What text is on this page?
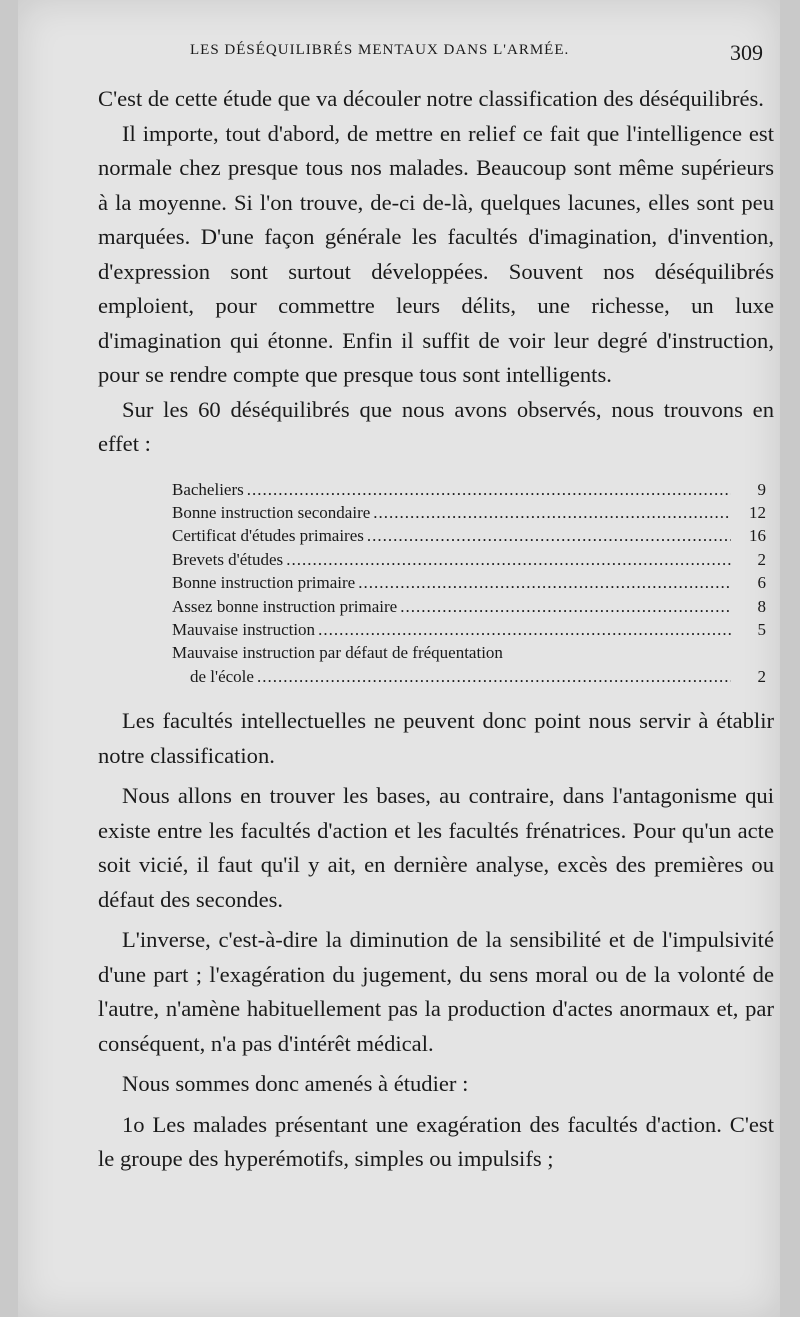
LES DÉSÉQUILIBRÉS MENTAUX DANS L'ARMÉE.	309

C'est de cette étude que va découler notre classification des déséquilibrés.

Il importe, tout d'abord, de mettre en relief ce fait que l'intelligence est normale chez presque tous nos malades. Beaucoup sont même supérieurs à la moyenne. Si l'on trouve, de-ci de-là, quelques lacunes, elles sont peu marquées. D'une façon générale les facultés d'imagination, d'invention, d'expression sont surtout développées. Souvent nos déséquilibrés emploient, pour commettre leurs délits, une richesse, un luxe d'imagination qui étonne. Enfin il suffit de voir leur degré d'instruction, pour se rendre compte que presque tous sont intelligents.

Sur les 60 déséquilibrés que nous avons observés, nous trouvons en effet :

Bacheliers .....	9
Bonne instruction secondaire .....	12
Certificat d'études primaires .....	16
Brevets d'études .....	2
Bonne instruction primaire .....	6
Assez bonne instruction primaire .....	8
Mauvaise instruction .....	5
Mauvaise instruction par défaut de fréquentation
de l'école .....	2

Les facultés intellectuelles ne peuvent donc point nous servir à établir notre classification.

Nous allons en trouver les bases, au contraire, dans l'antagonisme qui existe entre les facultés d'action et les facultés frénatrices. Pour qu'un acte soit vicié, il faut qu'il y ait, en dernière analyse, excès des premières ou défaut des secondes.

L'inverse, c'est-à-dire la diminution de la sensibilité et de l'impulsivité d'une part ; l'exagération du jugement, du sens moral ou de la volonté de l'autre, n'amène habituellement pas la production d'actes anormaux et, par conséquent, n'a pas d'intérêt médical.

Nous sommes donc amenés à étudier :

1o Les malades présentant une exagération des facultés d'action. C'est le groupe des hyperémotifs, simples ou impulsifs ;
